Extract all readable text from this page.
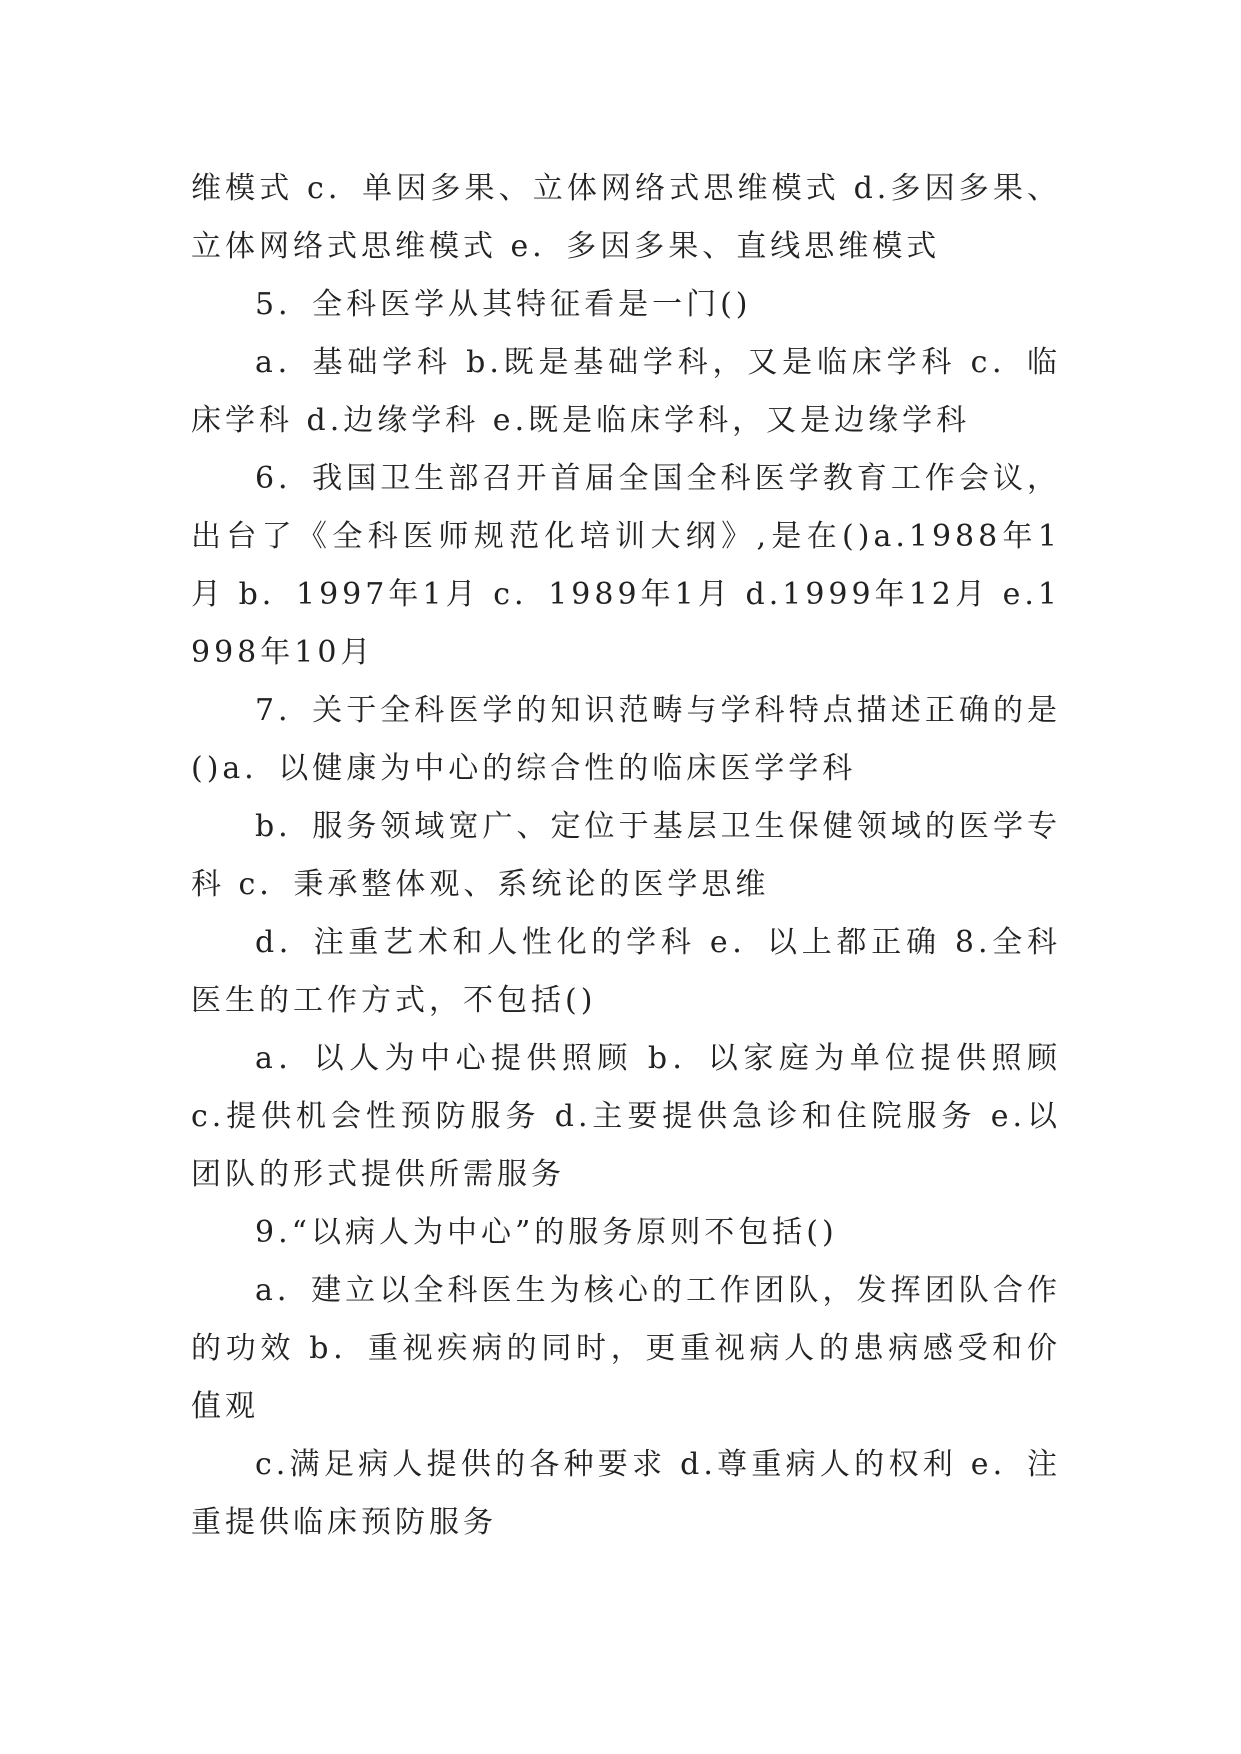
维模式 c．单因多果、立体网络式思维模式 d.多因多果、立体网络式思维模式 e．多因多果、直线思维模式

5．全科医学从其特征看是一门()

a．基础学科 b.既是基础学科，又是临床学科 c．临床学科 d.边缘学科 e.既是临床学科，又是边缘学科

6．我国卫生部召开首届全国全科医学教育工作会议，出台了《全科医师规范化培训大纲》,是在()a.1988年1月 b．1997年1月 c．1989年1月 d.1999年12月 e.1998年10月

7．关于全科医学的知识范畴与学科特点描述正确的是()a．以健康为中心的综合性的临床医学学科

b．服务领域宽广、定位于基层卫生保健领域的医学专科 c．秉承整体观、系统论的医学思维

d．注重艺术和人性化的学科 e．以上都正确 8.全科医生的工作方式，不包括()

a．以人为中心提供照顾 b．以家庭为单位提供照顾 c.提供机会性预防服务 d.主要提供急诊和住院服务 e.以团队的形式提供所需服务

9.“以病人为中心”的服务原则不包括()

a．建立以全科医生为核心的工作团队，发挥团队合作的功效 b．重视疾病的同时，更重视病人的患病感受和价值观

c.满足病人提供的各种要求 d.尊重病人的权利 e．注重提供临床预防服务
